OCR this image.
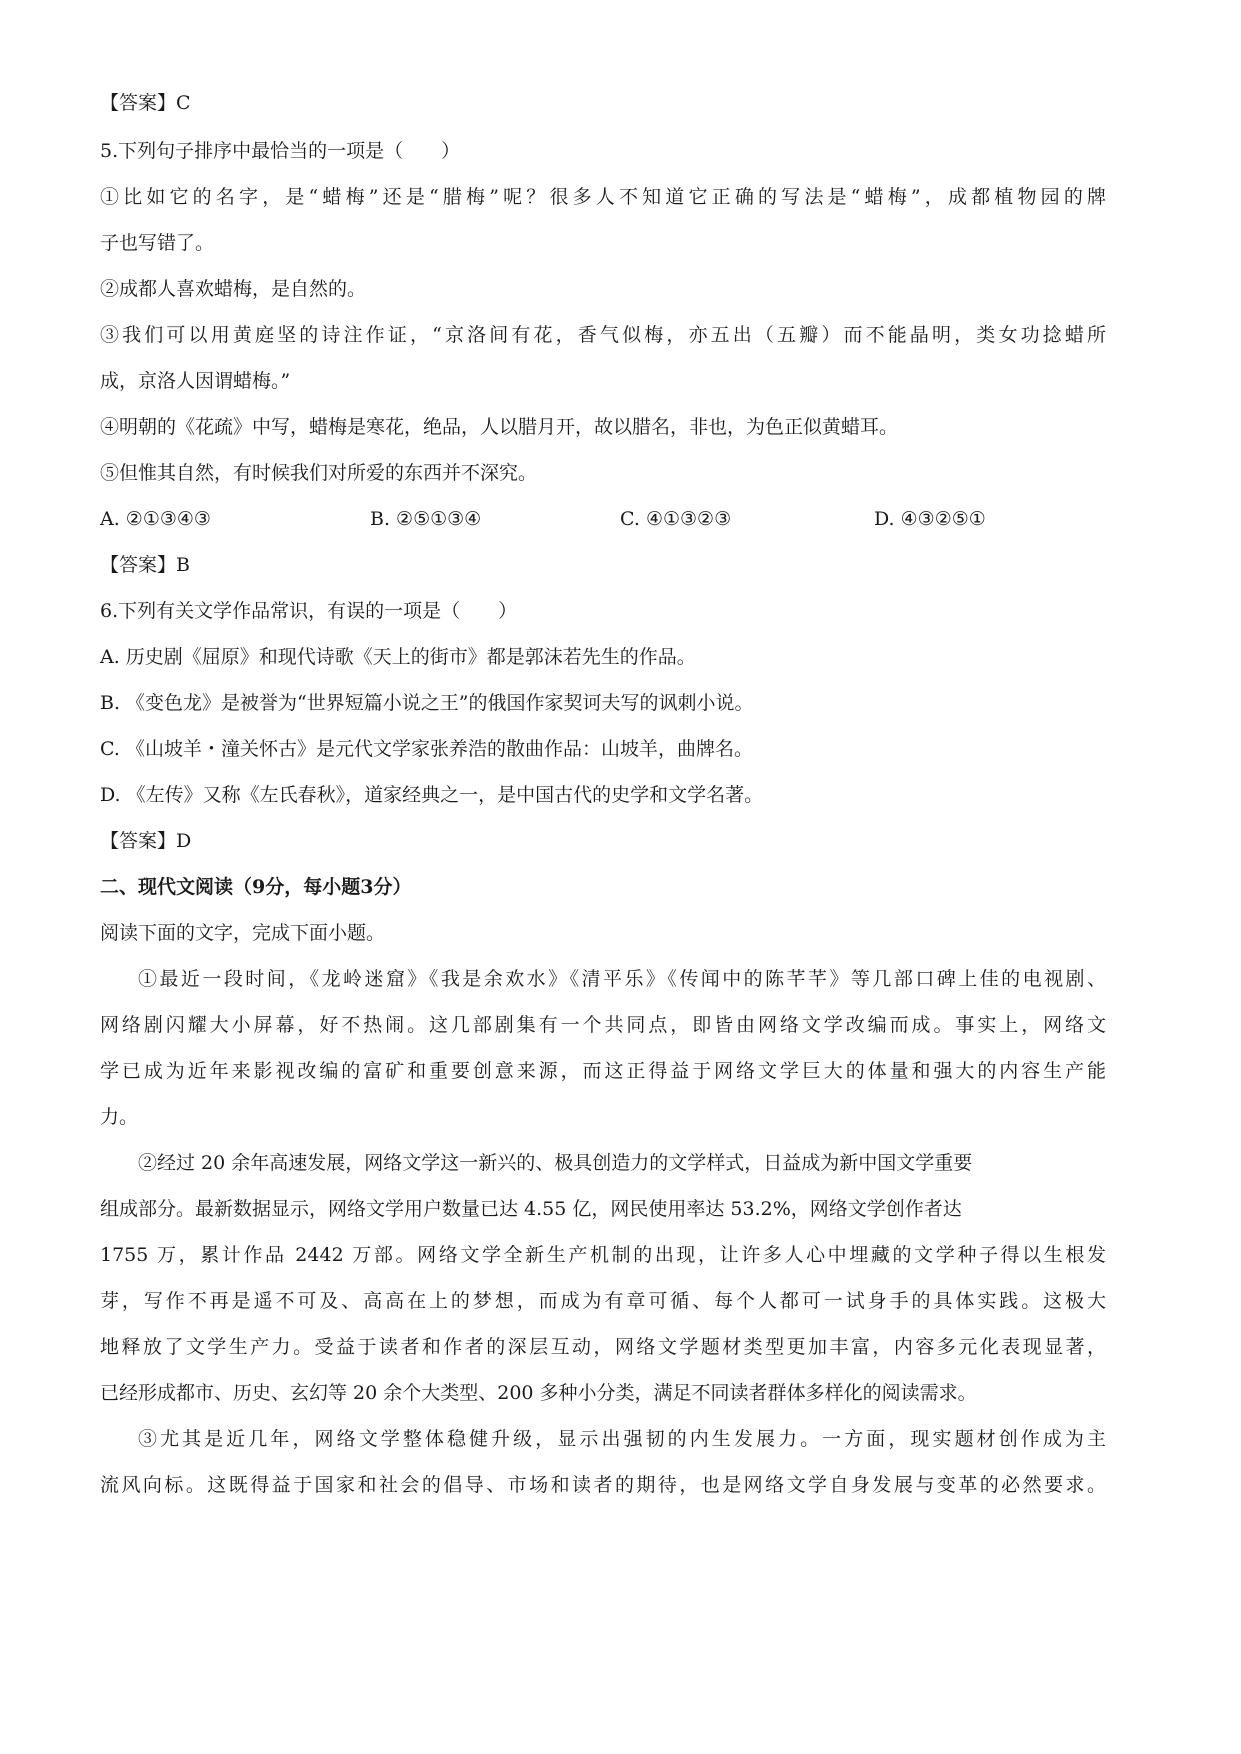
【答案】C
5.下列句子排序中最恰当的一项是（　　）
①比如它的名字，是“蜡梅”还是“腊梅”呢？很多人不知道它正确的写法是“蜡梅”，成都植物园的牌
子也写错了。
②成都人喜欢蜡梅，是自然的。
③我们可以用黄庭坚的诗注作证，“京洛间有花，香气似梅，亦五出（五瓣）而不能晶明，类女功捻蜡所
成，京洛人因谓蜡梅。”
④明朝的《花疏》中写，蜡梅是寒花，绝品，人以腊月开，故以腊名，非也，为色正似黄蜡耳。
⑤但惟其自然，有时候我们对所爱的东西并不深究。
A. ②①③④③	B. ②⑤①③④	C. ④①③②③	D. ④③②⑤①
【答案】B
6.下列有关文学作品常识，有误的一项是（　　）
A. 历史剧《屈原》和现代诗歌《天上的街市》都是郭沫若先生的作品。
B. 《变色龙》是被誉为“世界短篇小说之王”的俄国作家契诃夫写的讽刺小说。
C. 《山坡羊・潼关怀古》是元代文学家张养浩的散曲作品：山坡羊，曲牌名。
D. 《左传》又称《左氏春秋》，道家经典之一，是中国古代的史学和文学名著。
【答案】D
二、现代文阅读（9分，每小题3分）
阅读下面的文字，完成下面小题。
①最近一段时间，《龙岭迷窟》《我是余欢水》《清平乐》《传闻中的陈芊芊》等几部口碑上佳的电视剧、
网络剧闪耀大小屏幕，好不热闹。这几部剧集有一个共同点，即皆由网络文学改编而成。事实上，网络文
学已成为近年来影视改编的富矿和重要创意来源，而这正得益于网络文学巨大的体量和强大的内容生产能
力。
②经过 20 余年高速发展，网络文学这一新兴的、极具创造力的文学样式，日益成为新中国文学重要
组成部分。最新数据显示，网络文学用户数量已达 4.55 亿，网民使用率达 53.2%，网络文学创作者达
1755 万，累计作品 2442 万部。网络文学全新生产机制的出现，让许多人心中埋藏的文学种子得以生根发
芽，写作不再是遥不可及、高高在上的梦想，而成为有章可循、每个人都可一试身手的具体实践。这极大
地释放了文学生产力。受益于读者和作者的深层互动，网络文学题材类型更加丰富，内容多元化表现显著，
已经形成都市、历史、玄幻等 20 余个大类型、200 多种小分类，满足不同读者群体多样化的阅读需求。
③尤其是近几年，网络文学整体稳健升级，显示出强韧的内生发展力。一方面，现实题材创作成为主
流风向标。这既得益于国家和社会的倡导、市场和读者的期待，也是网络文学自身发展与变革的必然要求。
